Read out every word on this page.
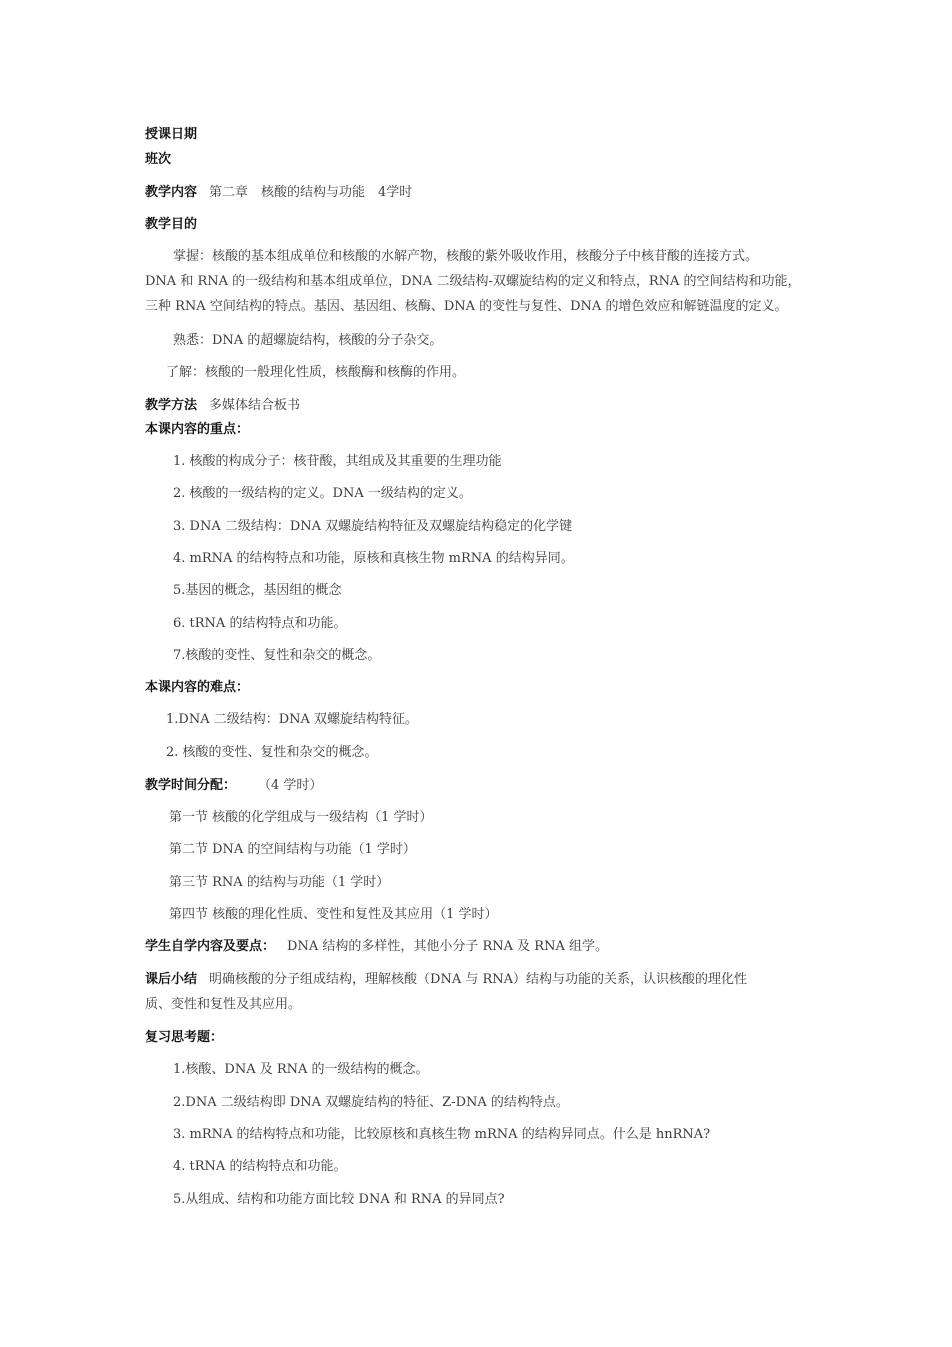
授课日期
班次
教学内容 第二章　核酸的结构与功能　4学时
教学目的
掌握：核酸的基本组成单位和核酸的水解产物，核酸的紫外吸收作用，核酸分子中核苷酸的连接方式。
DNA 和 RNA 的一级结构和基本组成单位，DNA 二级结构-双螺旋结构的定义和特点，RNA 的空间结构和功能，
三种 RNA 空间结构的特点。基因、基因组、核酶、DNA 的变性与复性、DNA 的增色效应和解链温度的定义。
熟悉：DNA 的超螺旋结构，核酸的分子杂交。
了解：核酸的一般理化性质，核酸酶和核酶的作用。
教学方法 多媒体结合板书
本课内容的重点：
1. 核酸的构成分子：核苷酸，其组成及其重要的生理功能
2. 核酸的一级结构的定义。DNA 一级结构的定义。
3. DNA 二级结构：DNA 双螺旋结构特征及双螺旋结构稳定的化学键
4. mRNA 的结构特点和功能，原核和真核生物 mRNA 的结构异同。
5.基因的概念，基因组的概念
6. tRNA 的结构特点和功能。
7.核酸的变性、复性和杂交的概念。
本课内容的难点：
1.DNA 二级结构：DNA 双螺旋结构特征。
2. 核酸的变性、复性和杂交的概念。
教学时间分配： （4 学时）
第一节 核酸的化学组成与一级结构（1 学时）
第二节 DNA 的空间结构与功能（1 学时）
第三节 RNA 的结构与功能（1 学时）
第四节 核酸的理化性质、变性和复性及其应用（1 学时）
学生自学内容及要点： DNA 结构的多样性，其他小分子 RNA 及 RNA 组学。
课后小结 明确核酸的分子组成结构，理解核酸（DNA 与 RNA）结构与功能的关系，认识核酸的理化性
质、变性和复性及其应用。
复习思考题：
1.核酸、DNA 及 RNA 的一级结构的概念。
2.DNA 二级结构即 DNA 双螺旋结构的特征、Z-DNA 的结构特点。
3. mRNA 的结构特点和功能，比较原核和真核生物 mRNA 的结构异同点。什么是 hnRNA?
4. tRNA 的结构特点和功能。
5.从组成、结构和功能方面比较 DNA 和 RNA 的异同点?
